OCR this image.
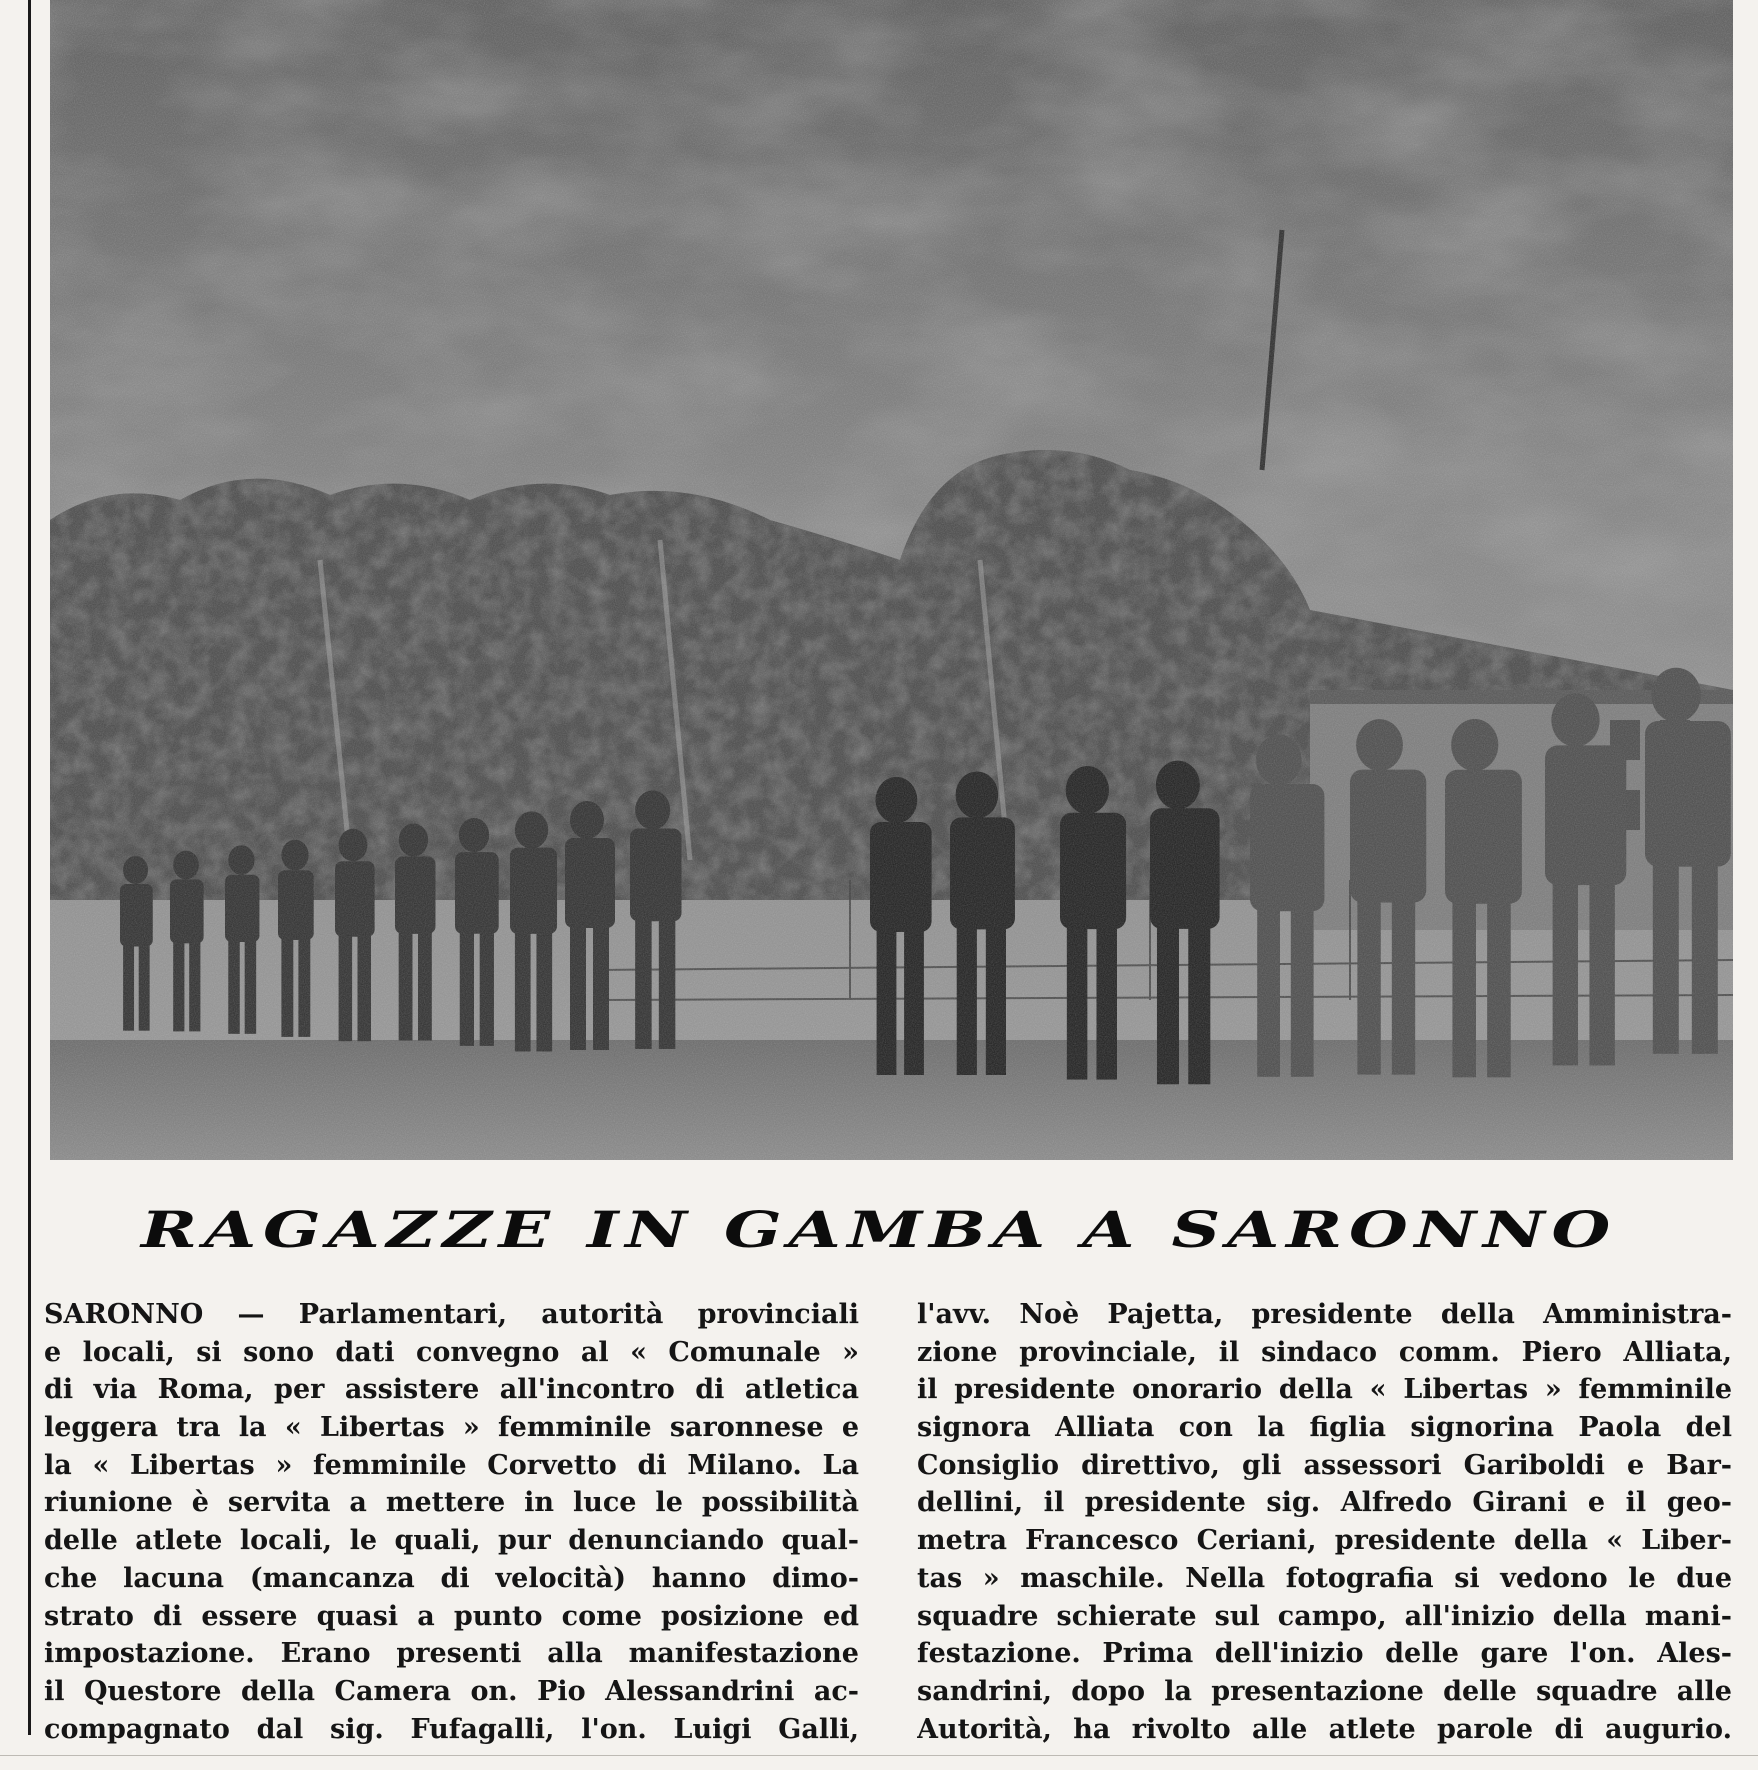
RAGAZZE IN GAMBA A SARONNO
SARONNO — Parlamentari, autorità provinciali
e locali, si sono dati convegno al « Comunale »
di via Roma, per assistere all'incontro di atletica
leggera tra la « Libertas » femminile saronnese e
la « Libertas » femminile Corvetto di Milano. La
riunione è servita a mettere in luce le possibilità
delle atlete locali, le quali, pur denunciando qual-
che lacuna (mancanza di velocità) hanno dimo-
strato di essere quasi a punto come posizione ed
impostazione. Erano presenti alla manifestazione
il Questore della Camera on. Pio Alessandrini ac-
compagnato dal sig. Fufagalli, l'on. Luigi Galli,
l'avv. Noè Pajetta, presidente della Amministra-
zione provinciale, il sindaco comm. Piero Alliata,
il presidente onorario della « Libertas » femminile
signora Alliata con la figlia signorina Paola del
Consiglio direttivo, gli assessori Gariboldi e Bar-
dellini, il presidente sig. Alfredo Girani e il geo-
metra Francesco Ceriani, presidente della « Liber-
tas » maschile. Nella fotografia si vedono le due
squadre schierate sul campo, all'inizio della mani-
festazione. Prima dell'inizio delle gare l'on. Ales-
sandrini, dopo la presentazione delle squadre alle
Autorità, ha rivolto alle atlete parole di augurio.
